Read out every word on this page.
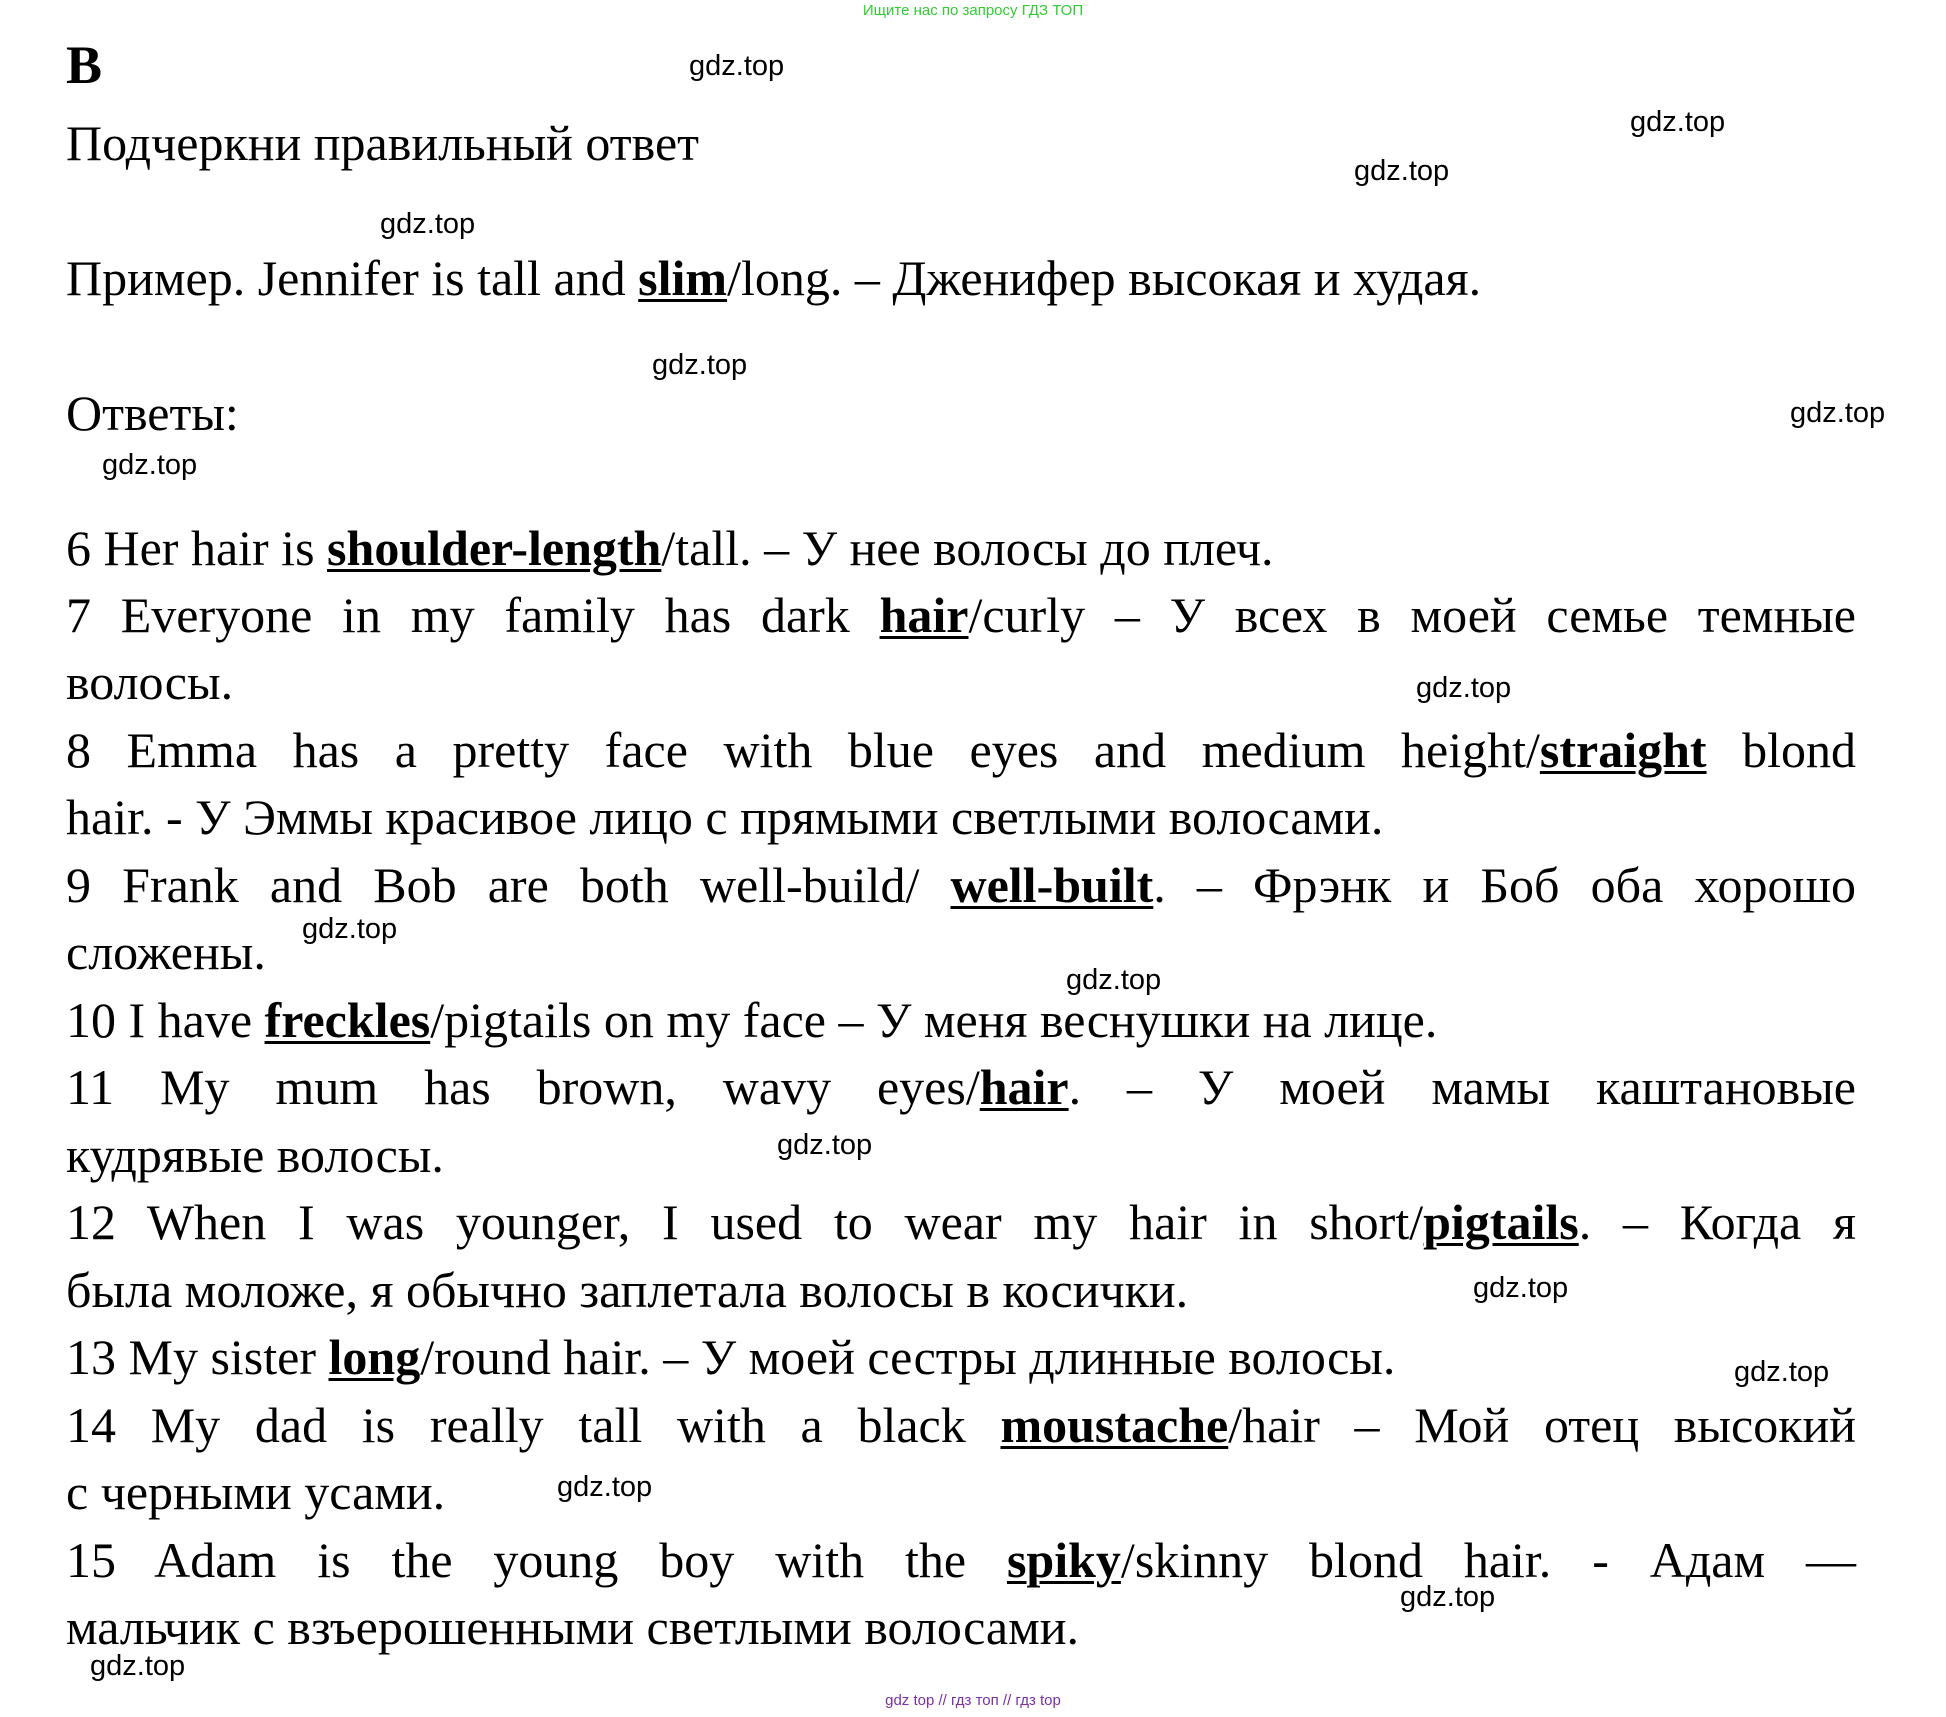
Ищите нас по запросу ГДЗ ТОП
B
Подчеркни правильный ответ
Пример. Jennifer is tall and slim/long. – Дженифер высокая и худая.
Ответы:
6 Her hair is shoulder-length/tall. – У нее волосы до плеч.
7 Everyone in my family has dark hair/curly – У всех в моей семье темные
волосы.
8 Emma has a pretty face with blue eyes and medium height/straight blond
hair. - У Эммы красивое лицо с прямыми светлыми волосами.
9 Frank and Bob are both well-build/ well-built. – Фрэнк и Боб оба хорошо
сложены.
10 I have freckles/pigtails on my face – У меня веснушки на лице.
11 My mum has brown, wavy eyes/hair. – У моей мамы каштановые
кудрявые волосы.
12 When I was younger, I used to wear my hair in short/pigtails. – Когда я
была моложе, я обычно заплетала волосы в косички.
13 My sister long/round hair. – У моей сестры длинные волосы.
14 My dad is really tall with a black moustache/hair – Мой отец высокий
с черными усами.
15 Adam is the young boy with the spiky/skinny blond hair. - Адам —
мальчик с взъерошенными светлыми волосами.
gdz.top
gdz.top
gdz.top
gdz.top
gdz.top
gdz.top
gdz.top
gdz.top
gdz.top
gdz.top
gdz.top
gdz.top
gdz.top
gdz.top
gdz.top
gdz.top
gdz top // гдз топ // гдз top
